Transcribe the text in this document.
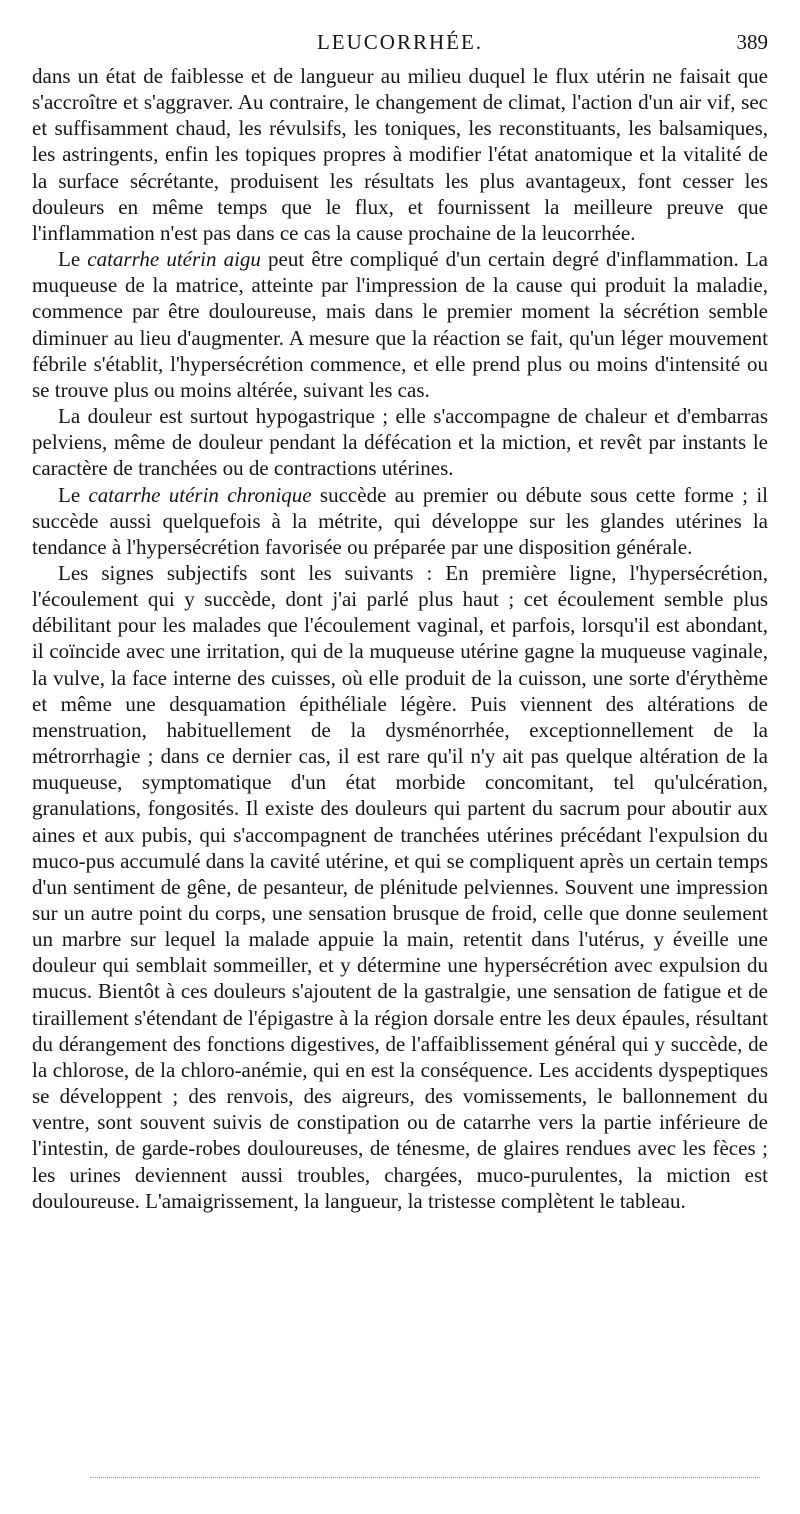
LEUCORRHÉE.	389

dans un état de faiblesse et de langueur au milieu duquel le flux utérin ne faisait que s'accroître et s'aggraver. Au contraire, le changement de climat, l'action d'un air vif, sec et suffisamment chaud, les révulsifs, les toniques, les reconstituants, les balsamiques, les astringents, enfin les topiques propres à modifier l'état anatomique et la vitalité de la surface sécrétante, produisent les résultats les plus avantageux, font cesser les douleurs en même temps que le flux, et fournissent la meilleure preuve que l'inflammation n'est pas dans ce cas la cause prochaine de la leucorrhée.

Le catarrhe utérin aigu peut être compliqué d'un certain degré d'inflammation. La muqueuse de la matrice, atteinte par l'impression de la cause qui produit la maladie, commence par être douloureuse, mais dans le premier moment la sécrétion semble diminuer au lieu d'augmenter. A mesure que la réaction se fait, qu'un léger mouvement fébrile s'établit, l'hypersécrétion commence, et elle prend plus ou moins d'intensité ou se trouve plus ou moins altérée, suivant les cas.

La douleur est surtout hypogastrique ; elle s'accompagne de chaleur et d'embarras pelviens, même de douleur pendant la défécation et la miction, et revêt par instants le caractère de tranchées ou de contractions utérines.

Le catarrhe utérin chronique succède au premier ou débute sous cette forme ; il succède aussi quelquefois à la métrite, qui développe sur les glandes utérines la tendance à l'hypersécrétion favorisée ou préparée par une disposition générale.

Les signes subjectifs sont les suivants : En première ligne, l'hypersécrétion, l'écoulement qui y succède, dont j'ai parlé plus haut ; cet écoulement semble plus débilitant pour les malades que l'écoulement vaginal, et parfois, lorsqu'il est abondant, il coïncide avec une irritation, qui de la muqueuse utérine gagne la muqueuse vaginale, la vulve, la face interne des cuisses, où elle produit de la cuisson, une sorte d'érythème et même une desquamation épithéliale légère. Puis viennent des altérations de menstruation, habituellement de la dysménorrhée, exceptionnellement de la métrorrhagie ; dans ce dernier cas, il est rare qu'il n'y ait pas quelque altération de la muqueuse, symptomatique d'un état morbide concomitant, tel qu'ulcération, granulations, fongosités. Il existe des douleurs qui partent du sacrum pour aboutir aux aines et aux pubis, qui s'accompagnent de tranchées utérines précédant l'expulsion du muco-pus accumulé dans la cavité utérine, et qui se compliquent après un certain temps d'un sentiment de gêne, de pesanteur, de plénitude pelviennes. Souvent une impression sur un autre point du corps, une sensation brusque de froid, celle que donne seulement un marbre sur lequel la malade appuie la main, retentit dans l'utérus, y éveille une douleur qui semblait sommeiller, et y détermine une hypersécrétion avec expulsion du mucus. Bientôt à ces douleurs s'ajoutent de la gastralgie, une sensation de fatigue et de tiraillement s'étendant de l'épigastre à la région dorsale entre les deux épaules, résultant du dérangement des fonctions digestives, de l'affaiblissement général qui y succède, de la chlorose, de la chloro-anémie, qui en est la conséquence. Les accidents dyspeptiques se développent ; des renvois, des aigreurs, des vomissements, le ballonnement du ventre, sont souvent suivis de constipation ou de catarrhe vers la partie inférieure de l'intestin, de garde-robes douloureuses, de ténesme, de glaires rendues avec les fèces ; les urines deviennent aussi troubles, chargées, muco-purulentes, la miction est douloureuse. L'amaigrissement, la langueur, la tristesse complètent le tableau.
